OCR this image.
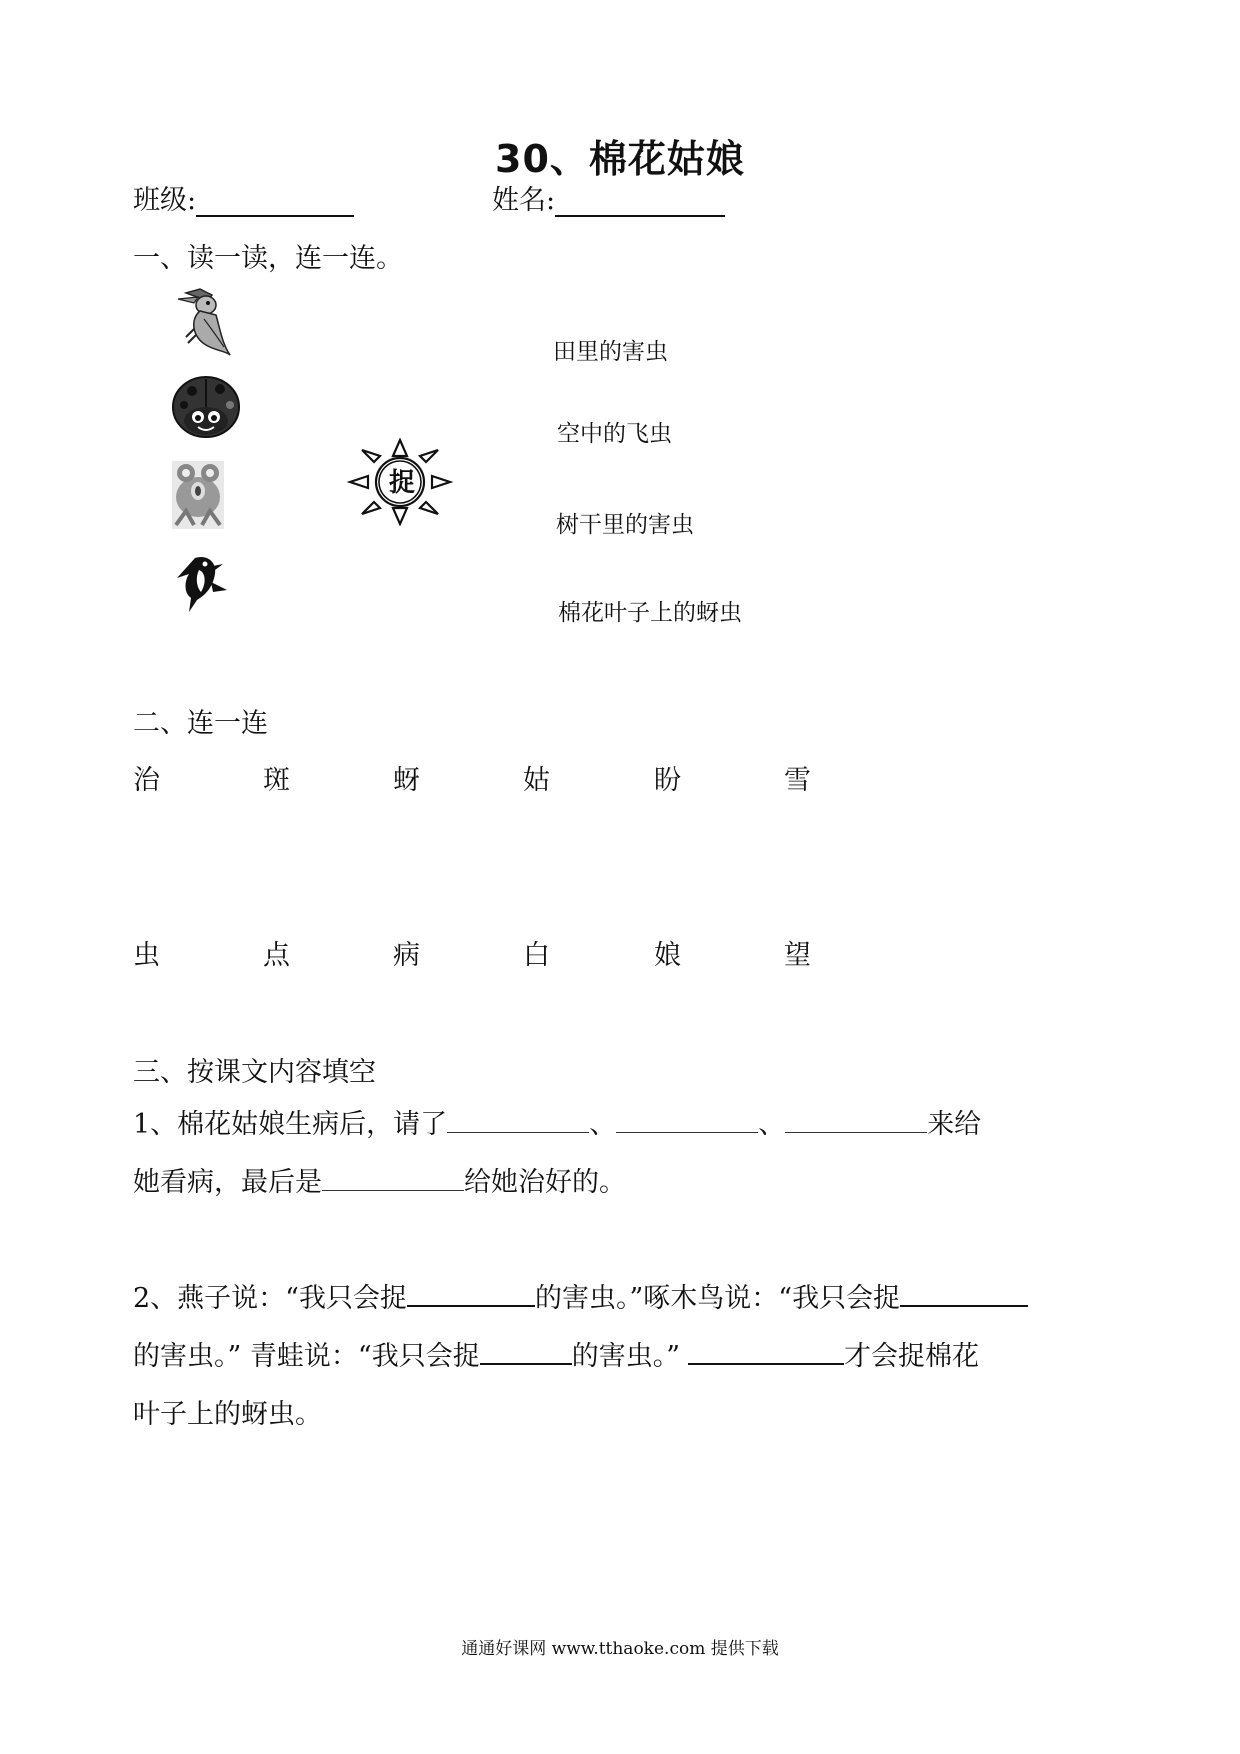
30、棉花姑娘
班级:	姓名:
一、读一读，连一连。
捉
田里的害虫
空中的飞虫
树干里的害虫
棉花叶子上的蚜虫
二、连一连
治	斑	蚜	姑	盼	雪
虫	点	病	白	娘	望
三、按课文内容填空
1、棉花姑娘生病后，请了	、	、	来给
她看病，最后是	给她治好的。
2、燕子说：“我只会捉	的害虫。”啄木鸟说：“我只会捉
的害虫。” 青蛙说：“我只会捉	的害虫。”	才会捉棉花
叶子上的蚜虫。
通通好课网 www.tthaoke.com 提供下载
